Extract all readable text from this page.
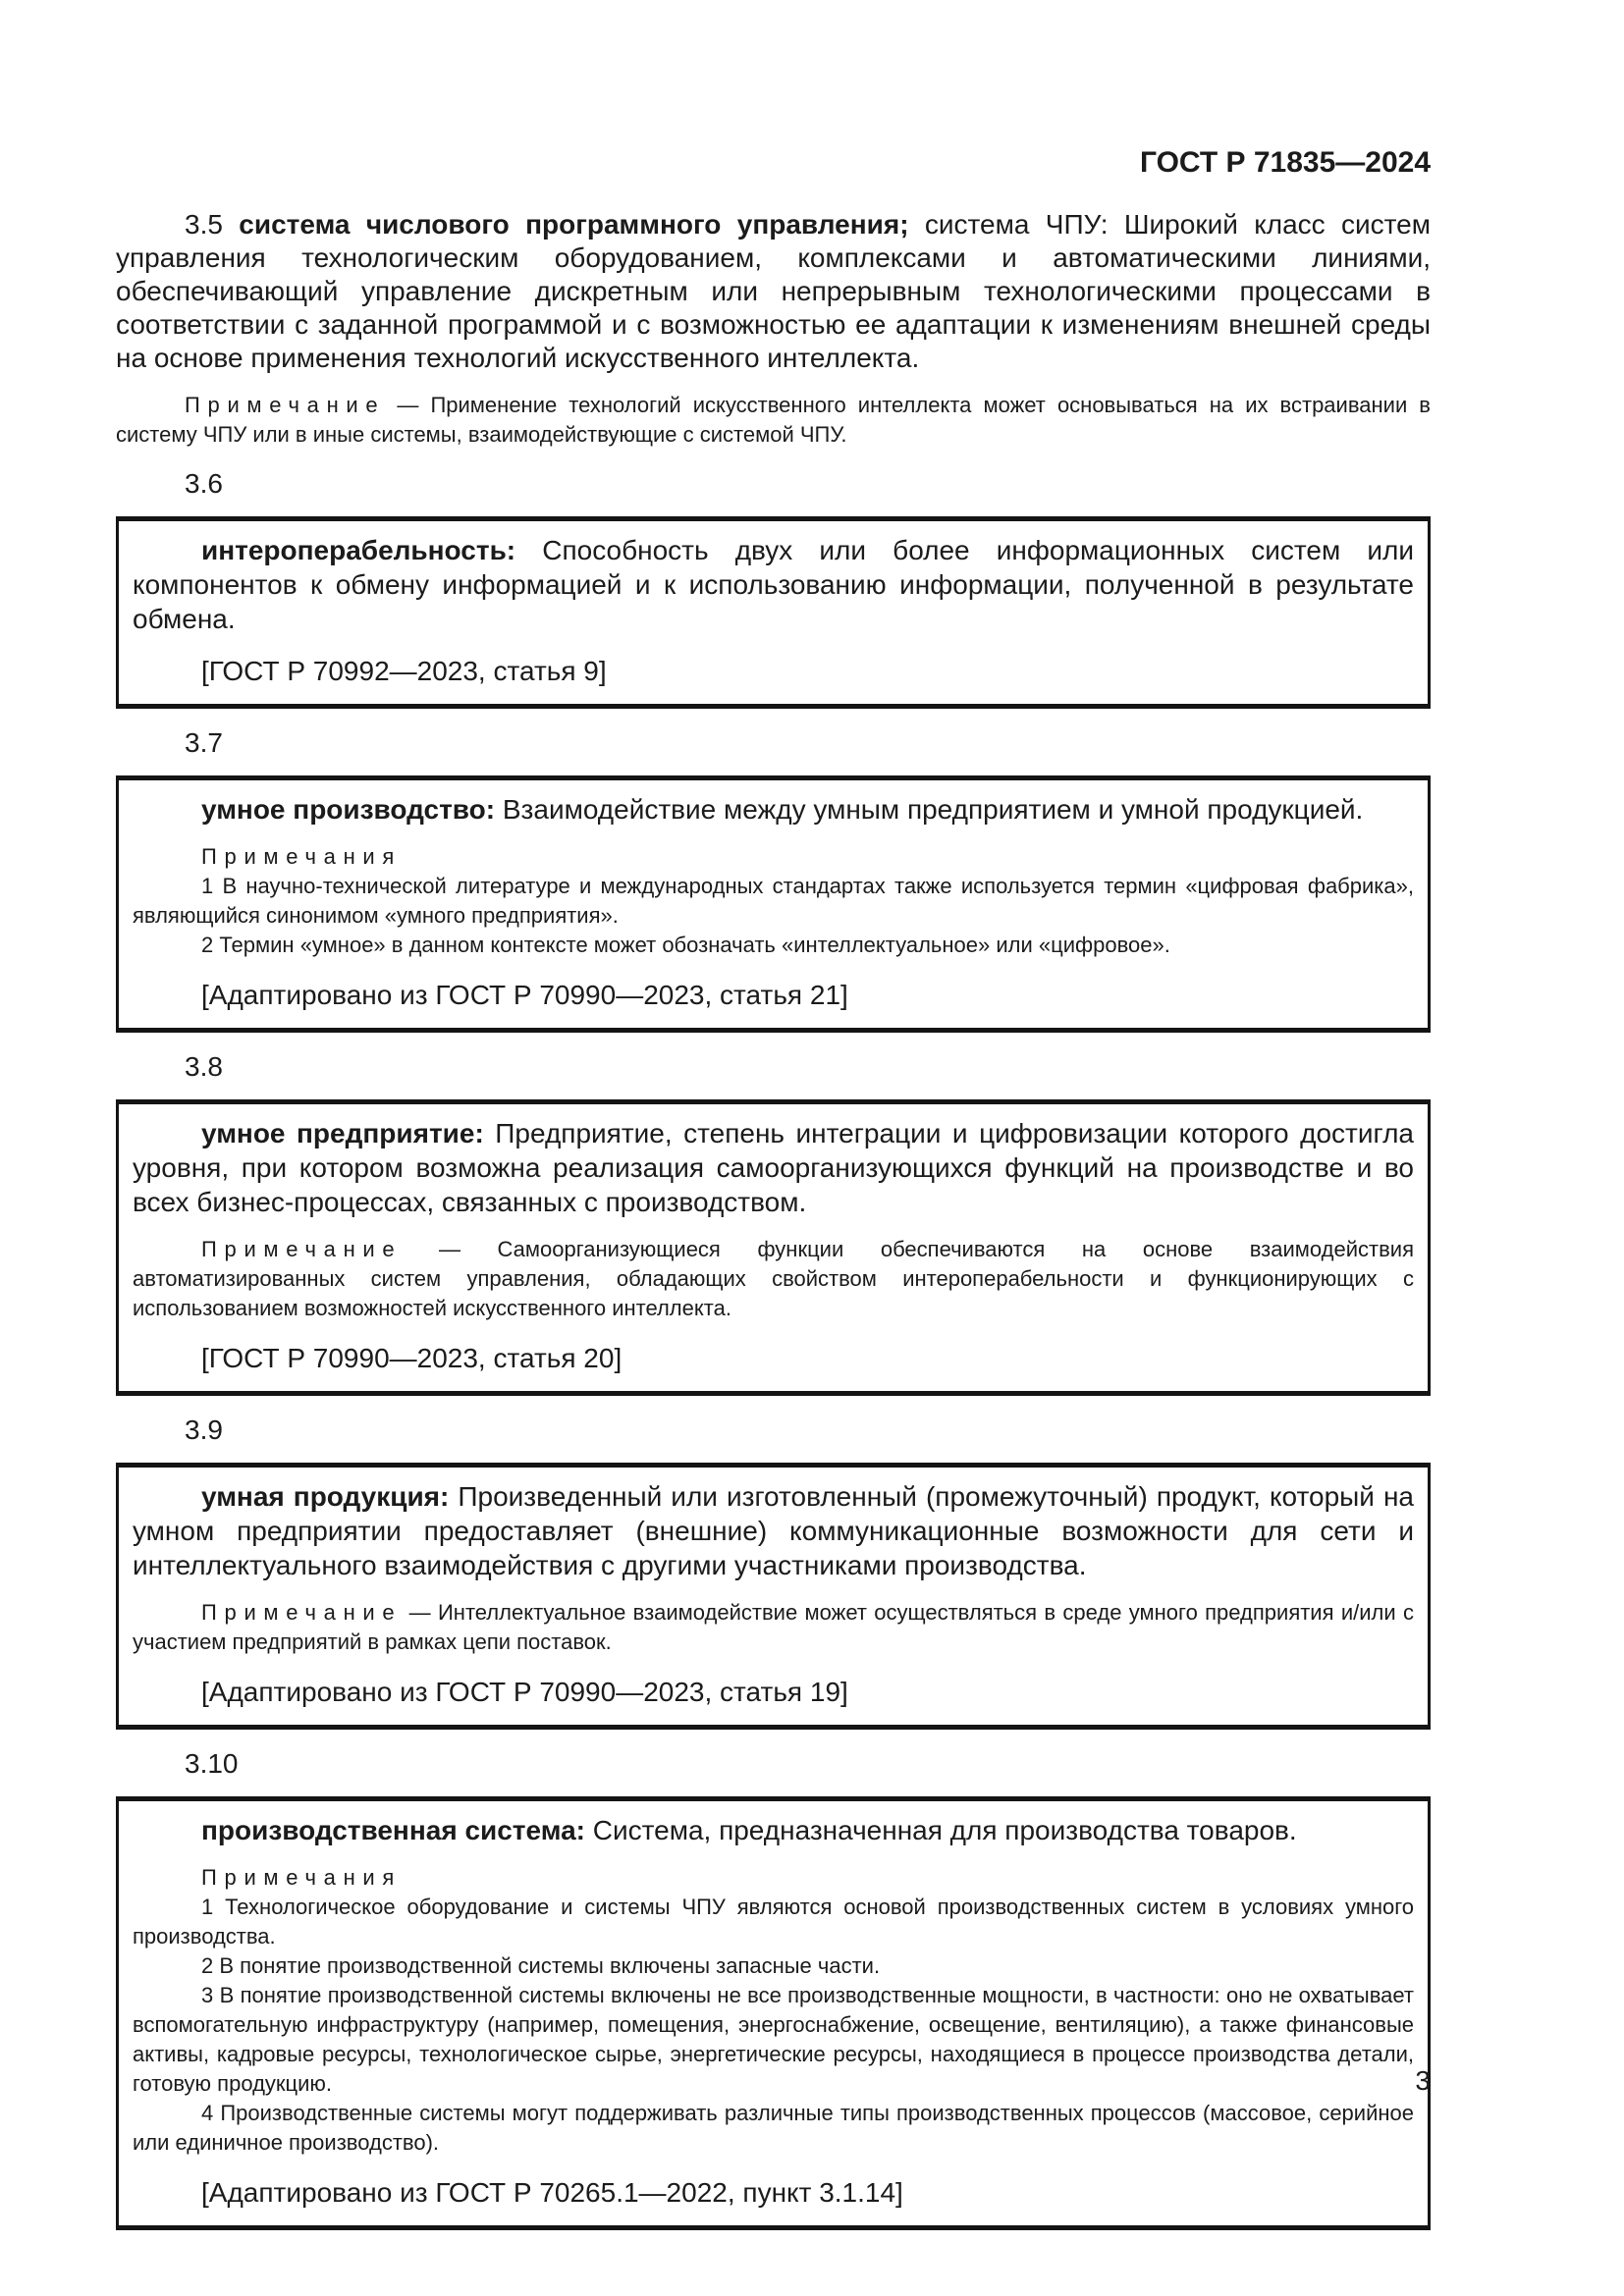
ГОСТ Р 71835—2024

3.5 система числового программного управления; система ЧПУ: Широкий класс систем управления технологическим оборудованием, комплексами и автоматическими линиями, обеспечивающий управление дискретным или непрерывным технологическими процессами в соответствии с заданной программой и с возможностью ее адаптации к изменениям внешней среды на основе применения технологий искусственного интеллекта.

Примечание — Применение технологий искусственного интеллекта может основываться на их встраивании в систему ЧПУ или в иные системы, взаимодействующие с системой ЧПУ.

3.6

интероперабельность: Способность двух или более информационных систем или компонентов к обмену информацией и к использованию информации, полученной в результате обмена.

[ГОСТ Р 70992—2023, статья 9]

3.7

умное производство: Взаимодействие между умным предприятием и умной продукцией.

Примечания

1 В научно-технической литературе и международных стандартах также используется термин «цифровая фабрика», являющийся синонимом «умного предприятия».

2 Термин «умное» в данном контексте может обозначать «интеллектуальное» или «цифровое».

[Адаптировано из ГОСТ Р 70990—2023, статья 21]

3.8

умное предприятие: Предприятие, степень интеграции и цифровизации которого достигла уровня, при котором возможна реализация самоорганизующихся функций на производстве и во всех бизнес-процессах, связанных с производством.

Примечание — Самоорганизующиеся функции обеспечиваются на основе взаимодействия автоматизированных систем управления, обладающих свойством интероперабельности и функционирующих с использованием возможностей искусственного интеллекта.

[ГОСТ Р 70990—2023, статья 20]

3.9

умная продукция: Произведенный или изготовленный (промежуточный) продукт, который на умном предприятии предоставляет (внешние) коммуникационные возможности для сети и интеллектуального взаимодействия с другими участниками производства.

Примечание — Интеллектуальное взаимодействие может осуществляться в среде умного предприятия и/или с участием предприятий в рамках цепи поставок.

[Адаптировано из ГОСТ Р 70990—2023, статья 19]

3.10

производственная система: Система, предназначенная для производства товаров.

Примечания

1 Технологическое оборудование и системы ЧПУ являются основой производственных систем в условиях умного производства.

2 В понятие производственной системы включены запасные части.

3 В понятие производственной системы включены не все производственные мощности, в частности: оно не охватывает вспомогательную инфраструктуру (например, помещения, энергоснабжение, освещение, вентиляцию), а также финансовые активы, кадровые ресурсы, технологическое сырье, энергетические ресурсы, находящиеся в процессе производства детали, готовую продукцию.

4 Производственные системы могут поддерживать различные типы производственных процессов (массовое, серийное или единичное производство).

[Адаптировано из ГОСТ Р 70265.1—2022, пункт 3.1.14]

3
